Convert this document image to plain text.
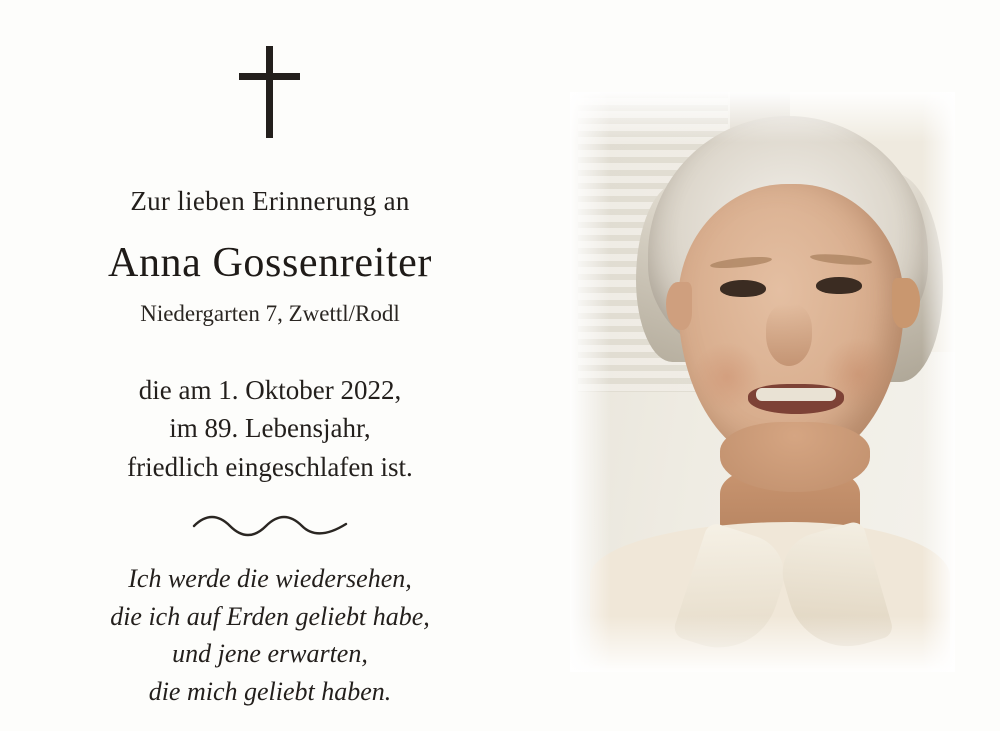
Zur lieben Erinnerung an
Anna Gossenreiter
Niedergarten 7, Zwettl/Rodl
die am 1. Oktober 2022,
im 89. Lebensjahr,
friedlich eingeschlafen ist.
Ich werde die wiedersehen,
die ich auf Erden geliebt habe,
und jene erwarten,
die mich geliebt haben.
